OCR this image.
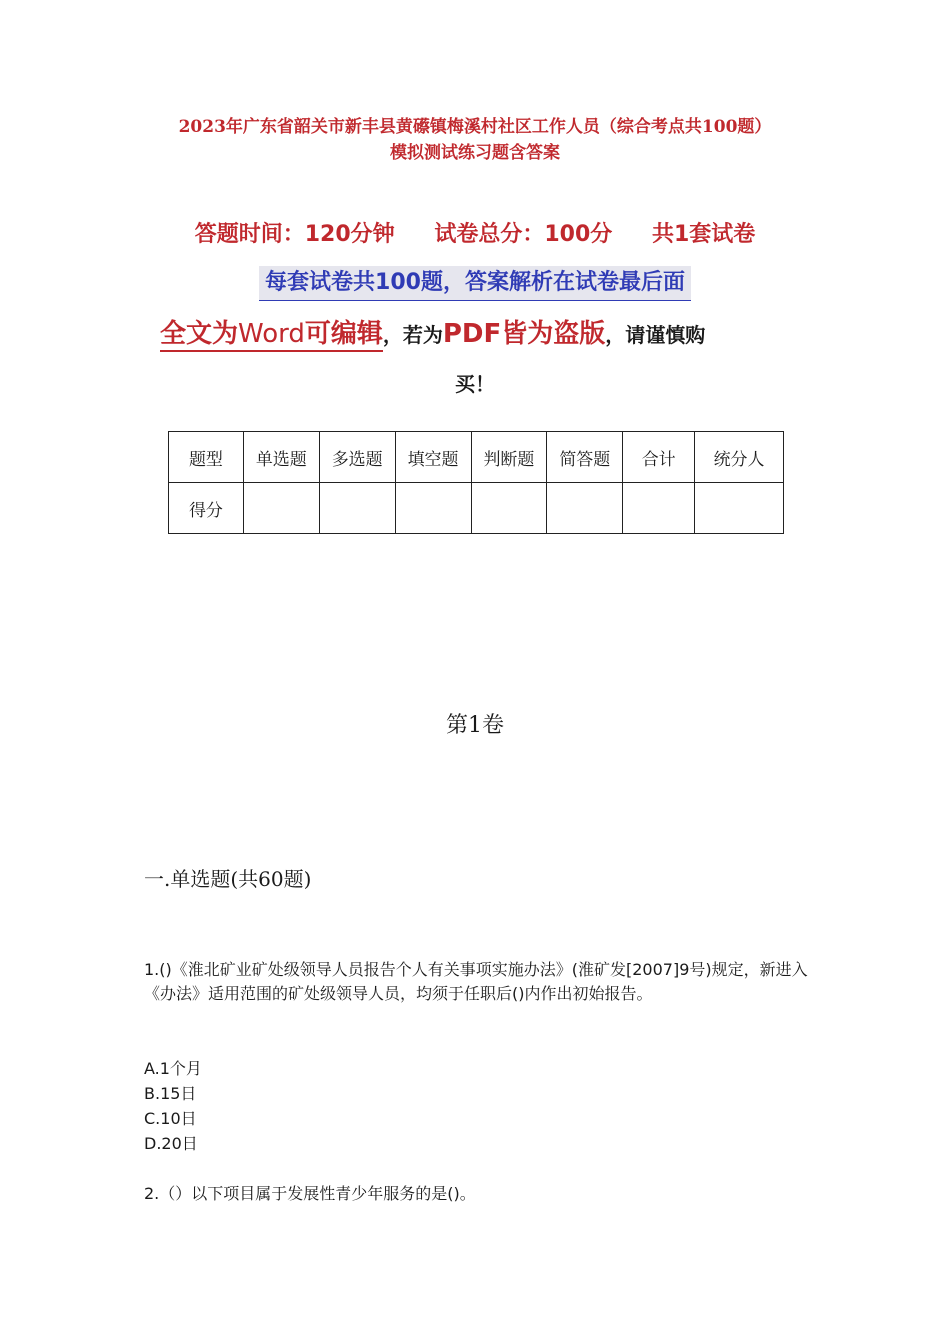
2023年广东省韶关市新丰县黄礤镇梅溪村社区工作人员（综合考点共100题）
模拟测试练习题含答案
答题时间：120分钟 试卷总分：100分 共1套试卷
每套试卷共100题，答案解析在试卷最后面
全文为Word可编辑，若为PDF皆为盗版，请谨慎购
买！
题型	单选题	多选题	填空题	判断题	简答题	合计	统分人
得分							
第1卷
一.单选题(共60题)
1.()《淮北矿业矿处级领导人员报告个人有关事项实施办法》(淮矿发[2007]9号)规定，新进入《办法》适用范围的矿处级领导人员，均须于任职后()内作出初始报告。
A.1个月
B.15日
C.10日
D.20日
2.（）以下项目属于发展性青少年服务的是()。
